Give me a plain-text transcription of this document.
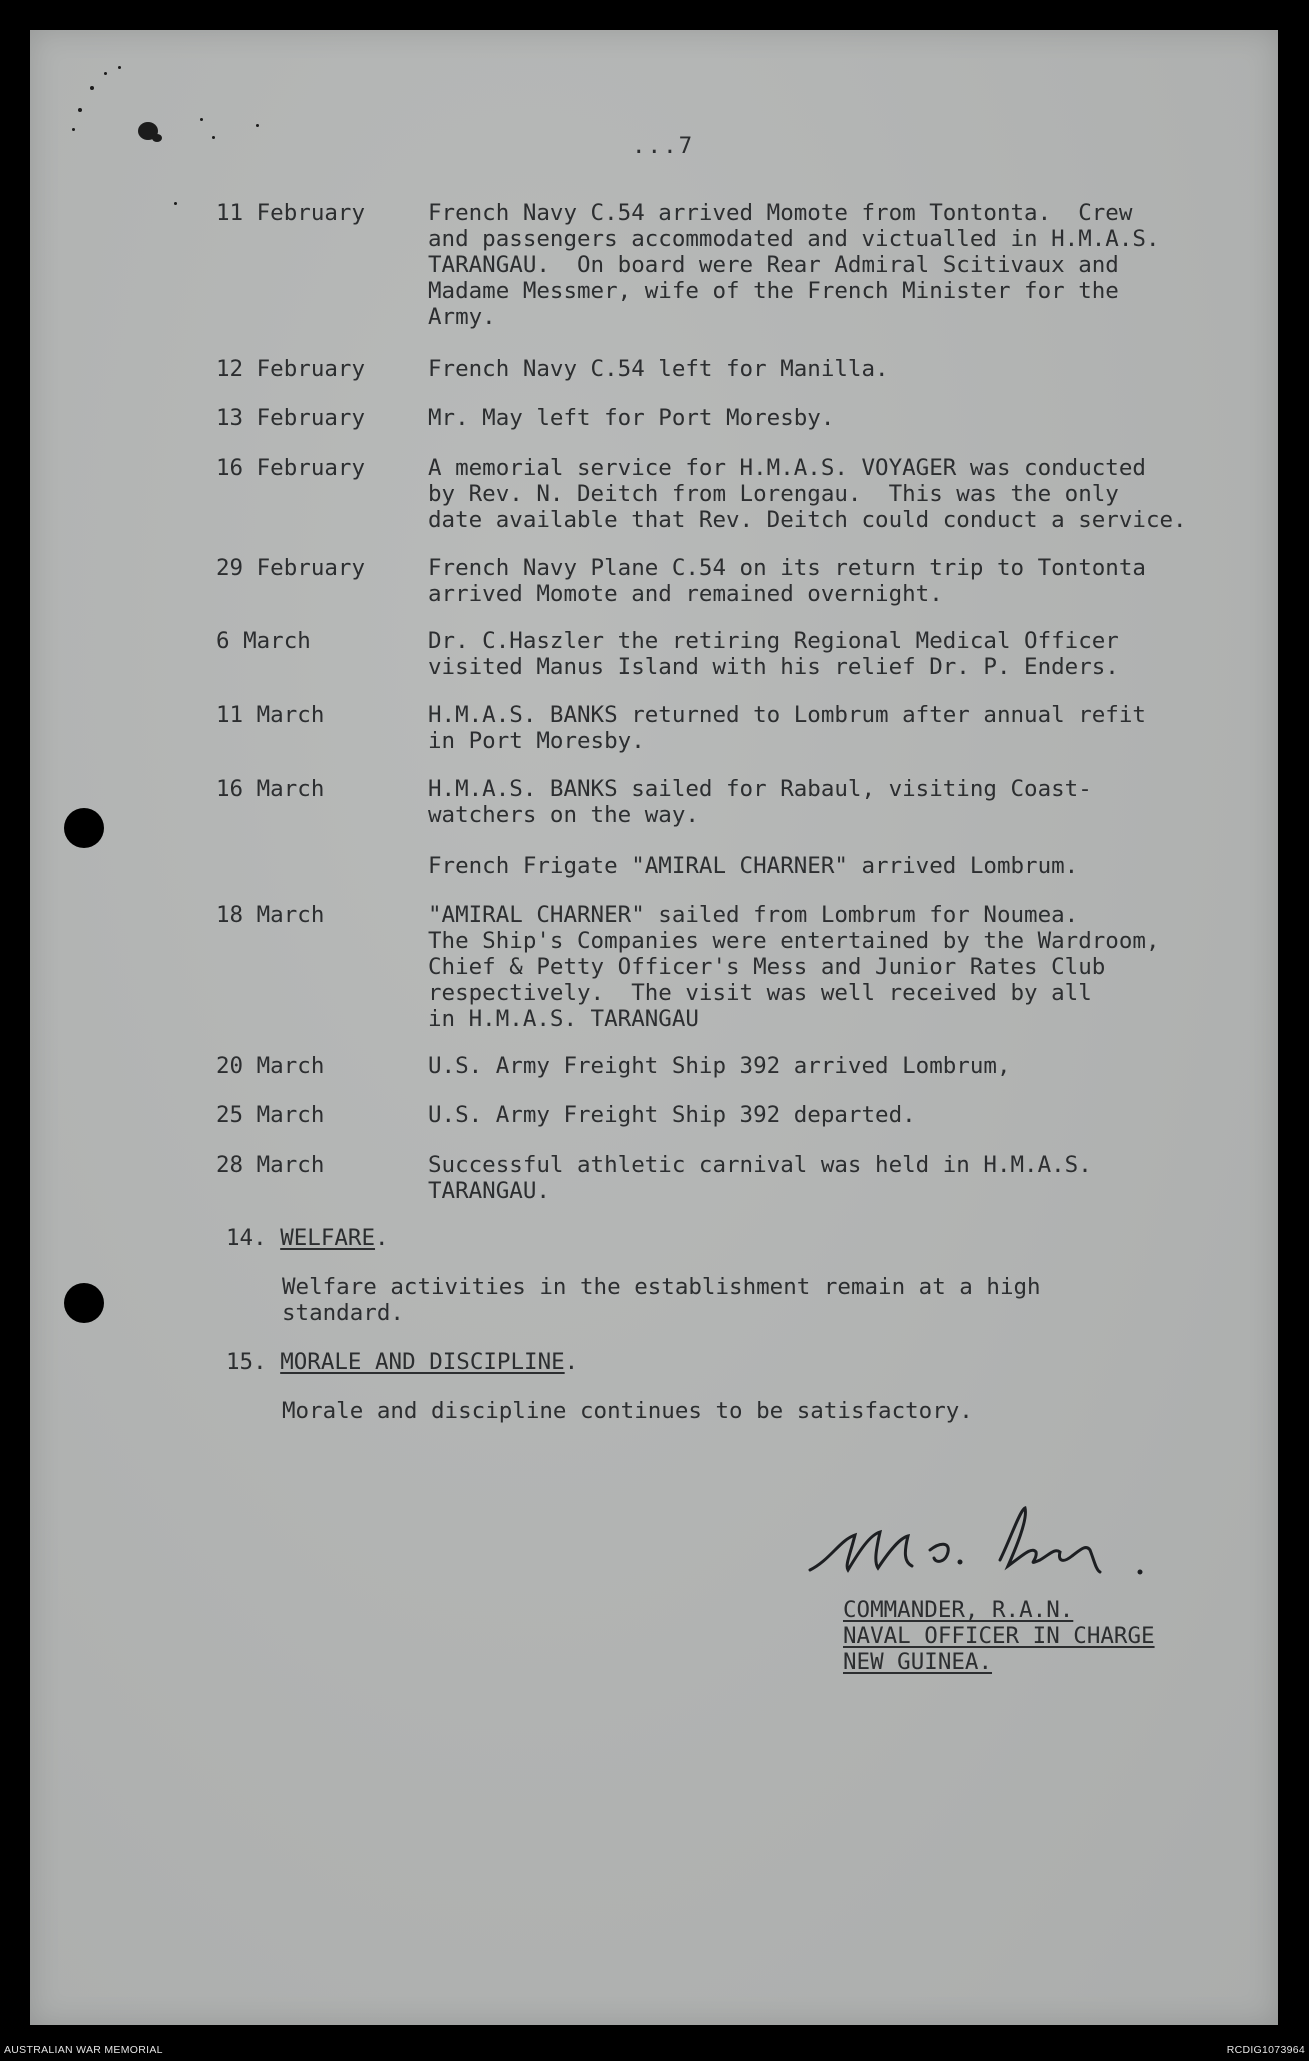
...7
11 February	French Navy C.54 arrived Momote from Tontonta.  Crew
and passengers accommodated and victualled in H.M.A.S.
TARANGAU.  On board were Rear Admiral Scitivaux and
Madame Messmer, wife of the French Minister for the
Army.
12 February	French Navy C.54 left for Manilla.
13 February	Mr. May left for Port Moresby.
16 February	A memorial service for H.M.A.S. VOYAGER was conducted
by Rev. N. Deitch from Lorengau.  This was the only
date available that Rev. Deitch could conduct a service.
29 February	French Navy Plane C.54 on its return trip to Tontonta
arrived Momote and remained overnight.
6 March	Dr. C.Haszler the retiring Regional Medical Officer
visited Manus Island with his relief Dr. P. Enders.
11 March	H.M.A.S. BANKS returned to Lombrum after annual refit
in Port Moresby.
16 March	H.M.A.S. BANKS sailed for Rabaul, visiting Coast-
watchers on the way.
French Frigate "AMIRAL CHARNER" arrived Lombrum.
18 March	"AMIRAL CHARNER" sailed from Lombrum for Noumea.
The Ship's Companies were entertained by the Wardroom,
Chief & Petty Officer's Mess and Junior Rates Club
respectively.  The visit was well received by all
in H.M.A.S. TARANGAU
20 March	U.S. Army Freight Ship 392 arrived Lombrum,
25 March	U.S. Army Freight Ship 392 departed.
28 March	Successful athletic carnival was held in H.M.A.S.
TARANGAU.
14. WELFARE.
Welfare activities in the establishment remain at a high
standard.
15. MORALE AND DISCIPLINE.
Morale and discipline continues to be satisfactory.
COMMANDER, R.A.N.
NAVAL OFFICER IN CHARGE
NEW GUINEA.
AUSTRALIAN WAR MEMORIAL	RCDIG1073964
